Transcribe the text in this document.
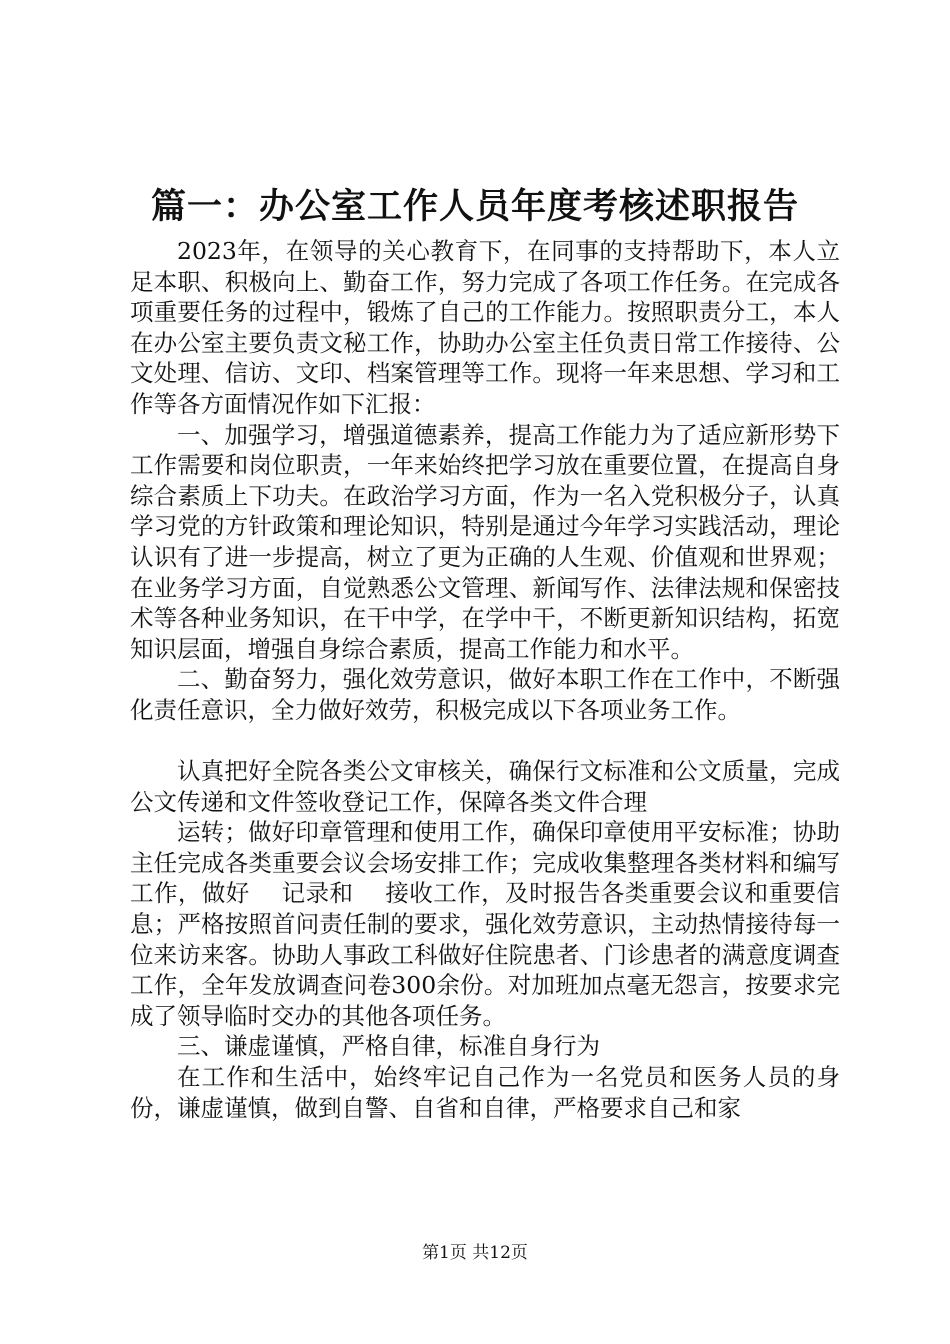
篇一：办公室工作人员年度考核述职报告

2023年，在领导的关心教育下，在同事的支持帮助下，本人立足本职、积极向上、勤奋工作，努力完成了各项工作任务。在完成各项重要任务的过程中，锻炼了自己的工作能力。按照职责分工，本人在办公室主要负责文秘工作，协助办公室主任负责日常工作接待、公文处理、信访、文印、档案管理等工作。现将一年来思想、学习和工作等各方面情况作如下汇报：

一、加强学习，增强道德素养，提高工作能力为了适应新形势下工作需要和岗位职责，一年来始终把学习放在重要位置，在提高自身综合素质上下功夫。在政治学习方面，作为一名入党积极分子，认真学习党的方针政策和理论知识，特别是通过今年学习实践活动，理论认识有了进一步提高，树立了更为正确的人生观、价值观和世界观；在业务学习方面，自觉熟悉公文管理、新闻写作、法律法规和保密技术等各种业务知识，在干中学，在学中干，不断更新知识结构，拓宽知识层面，增强自身综合素质，提高工作能力和水平。

二、勤奋努力，强化效劳意识，做好本职工作在工作中，不断强化责任意识，全力做好效劳，积极完成以下各项业务工作。

认真把好全院各类公文审核关，确保行文标准和公文质量，完成公文传递和文件签收登记工作，保障各类文件合理

运转；做好印章管理和使用工作，确保印章使用平安标准；协助主任完成各类重要会议会场安排工作；完成收集整理各类材料和编写工作，做好　 记录和　 接收工作，及时报告各类重要会议和重要信息；严格按照首问责任制的要求，强化效劳意识，主动热情接待每一位来访来客。协助人事政工科做好住院患者、门诊患者的满意度调查工作，全年发放调查问卷300余份。对加班加点毫无怨言，按要求完成了领导临时交办的其他各项任务。

三、谦虚谨慎，严格自律，标准自身行为

在工作和生活中，始终牢记自己作为一名党员和医务人员的身份，谦虚谨慎，做到自警、自省和自律，严格要求自己和家

第1页 共12页
